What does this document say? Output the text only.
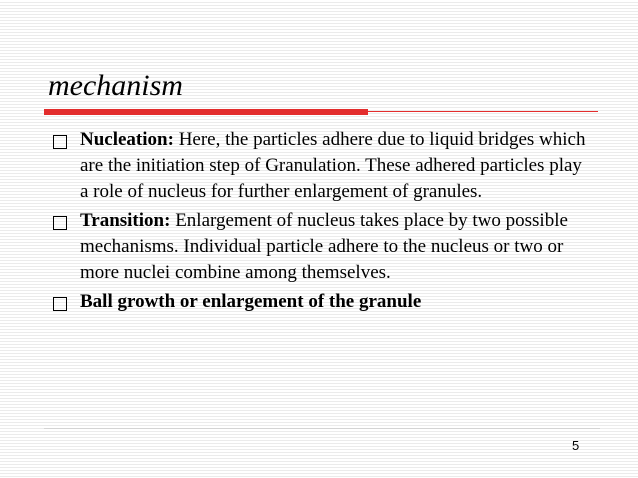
mechanism
Nucleation: Here, the particles adhere due to liquid bridges which are the initiation step of Granulation. These adhered particles play a role of nucleus for further enlargement of granules.
Transition: Enlargement of nucleus takes place by two possible mechanisms. Individual particle adhere to the nucleus or two or more nuclei combine among themselves.
Ball growth or enlargement of the granule
5
